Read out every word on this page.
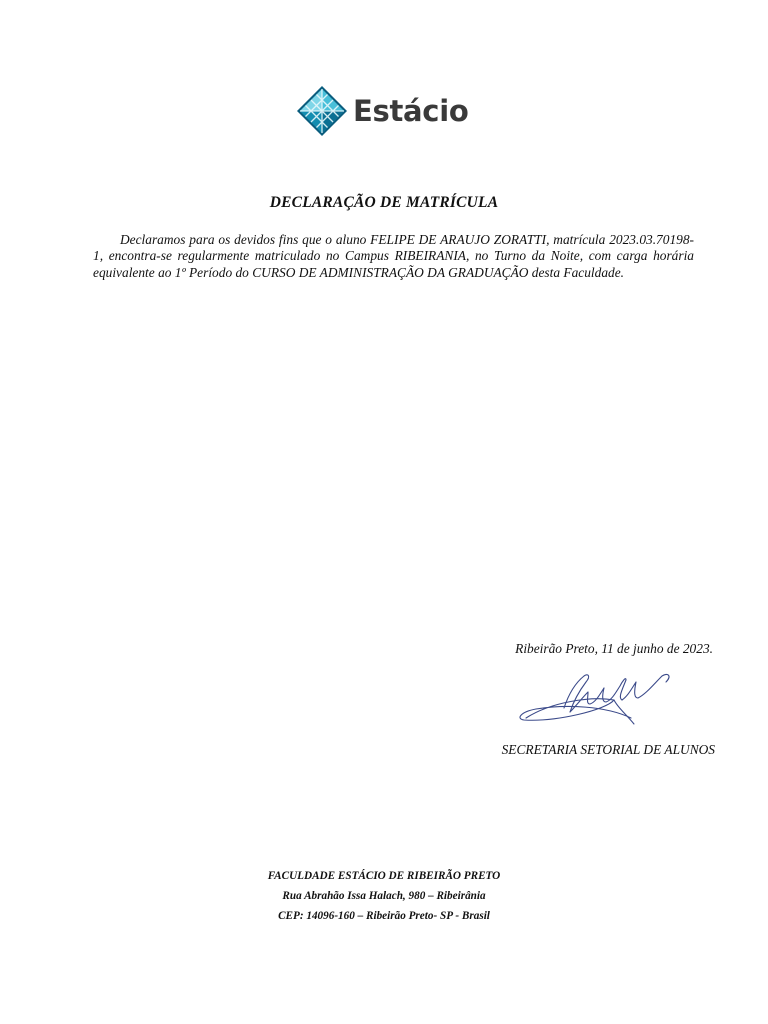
Estácio
DECLARAÇÃO DE MATRÍCULA

Declaramos para os devidos fins que o aluno FELIPE DE ARAUJO ZORATTI, matrícula 2023.03.70198-1, encontra-se regularmente matriculado no Campus RIBEIRANIA, no Turno da Noite, com carga horária equivalente ao 1º Período do CURSO DE ADMINISTRAÇÃO DA GRADUAÇÃO desta Faculdade.

Ribeirão Preto, 11 de junho de 2023.
SECRETARIA SETORIAL DE ALUNOS
FACULDADE ESTÁCIO DE RIBEIRÃO PRETO
Rua Abrahão Issa Halach, 980 – Ribeirânia
CEP: 14096-160 – Ribeirão Preto- SP - Brasil
